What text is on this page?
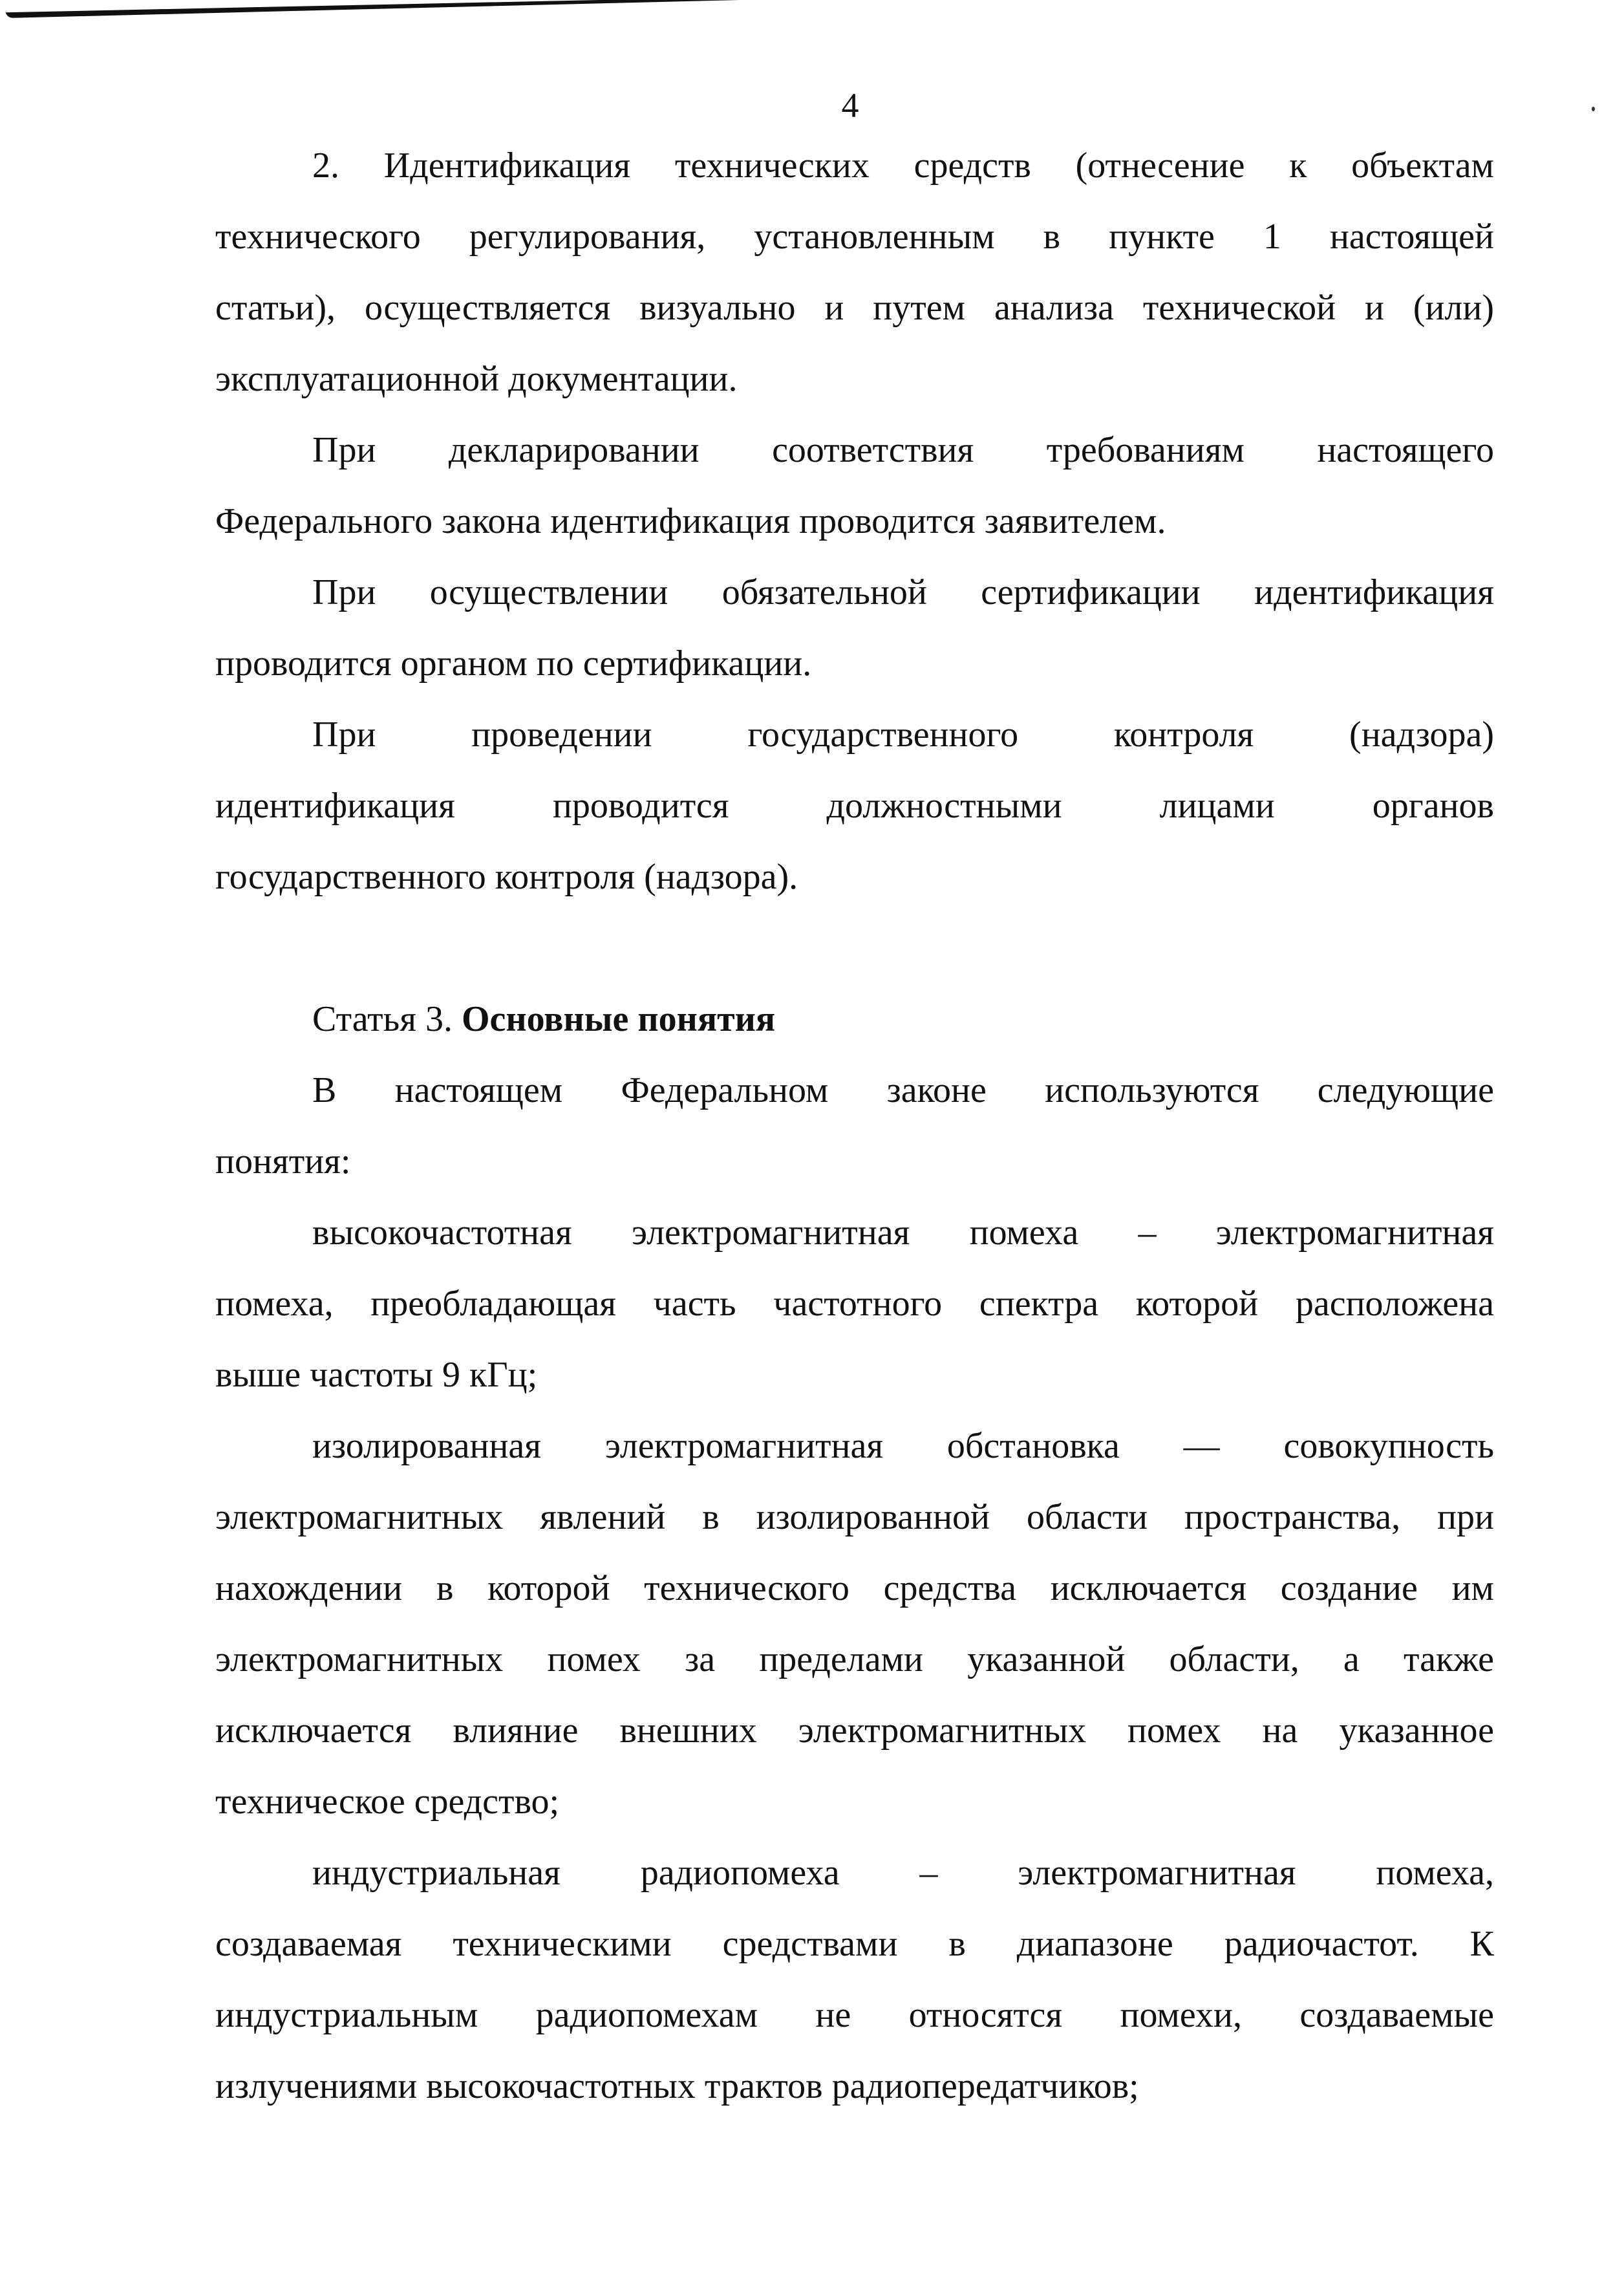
4
2. Идентификация технических средств (отнесение к объектам
технического регулирования, установленным в пункте 1 настоящей
статьи), осуществляется визуально и путем анализа технической и (или)
эксплуатационной документации.
При декларировании соответствия требованиям настоящего
Федерального закона идентификация проводится заявителем.
При осуществлении обязательной сертификации идентификация
проводится органом по сертификации.
При проведении государственного контроля (надзора)
идентификация проводится должностными лицами органов
государственного контроля (надзора).
Статья 3. Основные понятия
В настоящем Федеральном законе используются следующие
понятия:
высокочастотная электромагнитная помеха – электромагнитная
помеха, преобладающая часть частотного спектра которой расположена
выше частоты 9 кГц;
изолированная электромагнитная обстановка — совокупность
электромагнитных явлений в изолированной области пространства, при
нахождении в которой технического средства исключается создание им
электромагнитных помех за пределами указанной области, а также
исключается влияние внешних электромагнитных помех на указанное
техническое средство;
индустриальная радиопомеха – электромагнитная помеха,
создаваемая техническими средствами в диапазоне радиочастот. К
индустриальным радиопомехам не относятся помехи, создаваемые
излучениями высокочастотных трактов радиопередатчиков;
